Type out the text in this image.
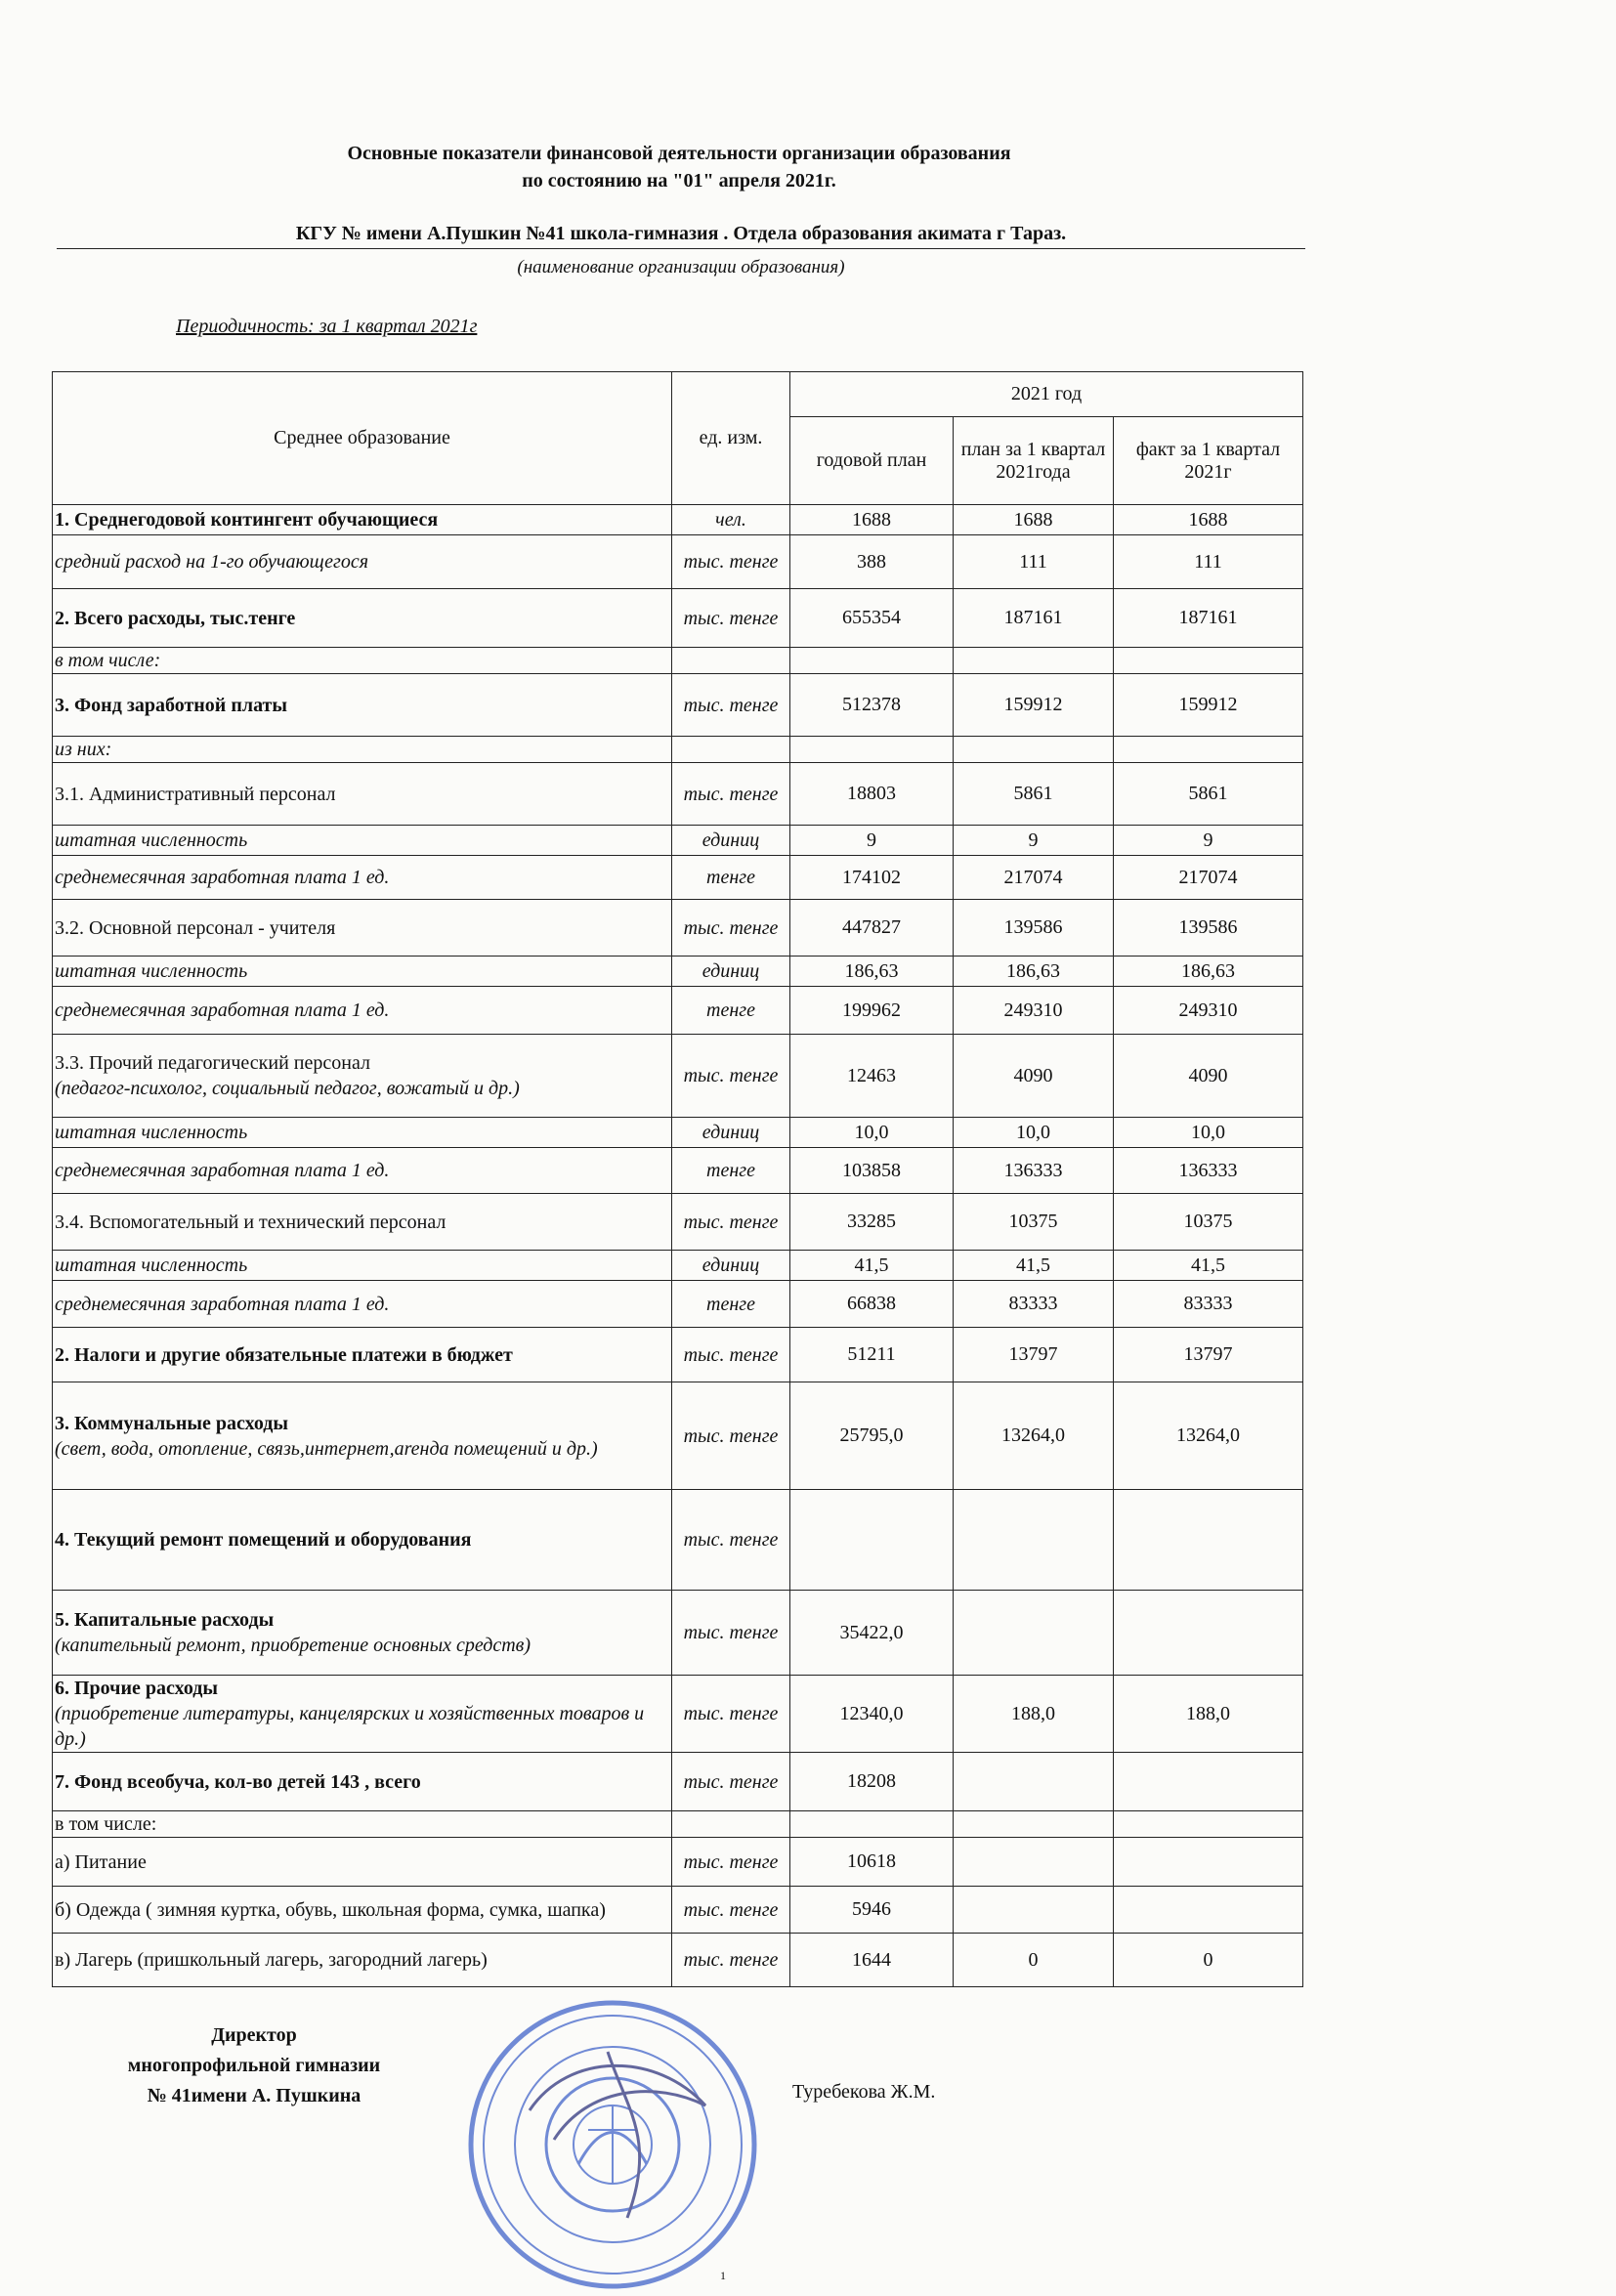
Основные показатели финансовой деятельности организации образования
по состоянию на "01" апреля 2021г.
КГУ № имени А.Пушкин №41 школа-гимназия . Отдела образования акимата г Тараз.
(наименование организации образования)
Периодичность: за 1 квартал 2021г
Среднее образование	ед. изм.	2021 год		
		годовой план	план за 1 квартал 2021года	факт за 1 квартал 2021г
1. Среднегодовой контингент обучающиеся	чел.	1688	1688	1688
средний расход на 1-го обучающегося	тыс. тенге	388	111	111
2. Всего расходы, тыс.тенге	тыс. тенге	655354	187161	187161
в том числе:				
3. Фонд заработной платы	тыс. тенге	512378	159912	159912
из них:				
3.1. Административный персонал	тыс. тенге	18803	5861	5861
штатная численность	единиц	9	9	9
среднемесячная заработная плата 1 ед.	тенге	174102	217074	217074
3.2. Основной персонал - учителя	тыс. тенге	447827	139586	139586
штатная численность	единиц	186,63	186,63	186,63
среднемесячная заработная плата 1 ед.	тенге	199962	249310	249310
3.3. Прочий педагогический персонал
(педагог-психолог, социальный педагог, вожатый и др.)	тыс. тенге	12463	4090	4090
штатная численность	единиц	10,0	10,0	10,0
среднемесячная заработная плата 1 ед.	тенге	103858	136333	136333
3.4. Вспомогательный и технический персонал	тыс. тенге	33285	10375	10375
штатная численность	единиц	41,5	41,5	41,5
среднемесячная заработная плата 1 ед.	тенге	66838	83333	83333
2. Налоги и другие обязательные платежи в бюджет	тыс. тенге	51211	13797	13797
3. Коммунальные расходы
(свет, вода, отопление, связь,интернет,areнда помещений и др.)	тыс. тенге	25795,0	13264,0	13264,0
4. Текущий ремонт помещений и оборудования	тыс. тенге			
5. Капитальные расходы
(капительный ремонт, приобретение основных средств)	тыс. тенге	35422,0		
6. Прочие расходы
(приобретение литературы, канцелярских и хозяйственных товаров и др.)	тыс. тенге	12340,0	188,0	188,0
7. Фонд всеобуча, кол-во детей 143 , всего	тыс. тенге	18208		
в том числе:				
а) Питание	тыс. тенге	10618		
б) Одежда ( зимняя куртка, обувь, школьная форма, сумка, шапка)	тыс. тенге	5946		
в) Лагерь (пришкольный лагерь, загородний лагерь)	тыс. тенге	1644	0	0
Директор
многопрофильной гимназии
№ 41имени А. Пушкина	Туребекова Ж.М.
1
